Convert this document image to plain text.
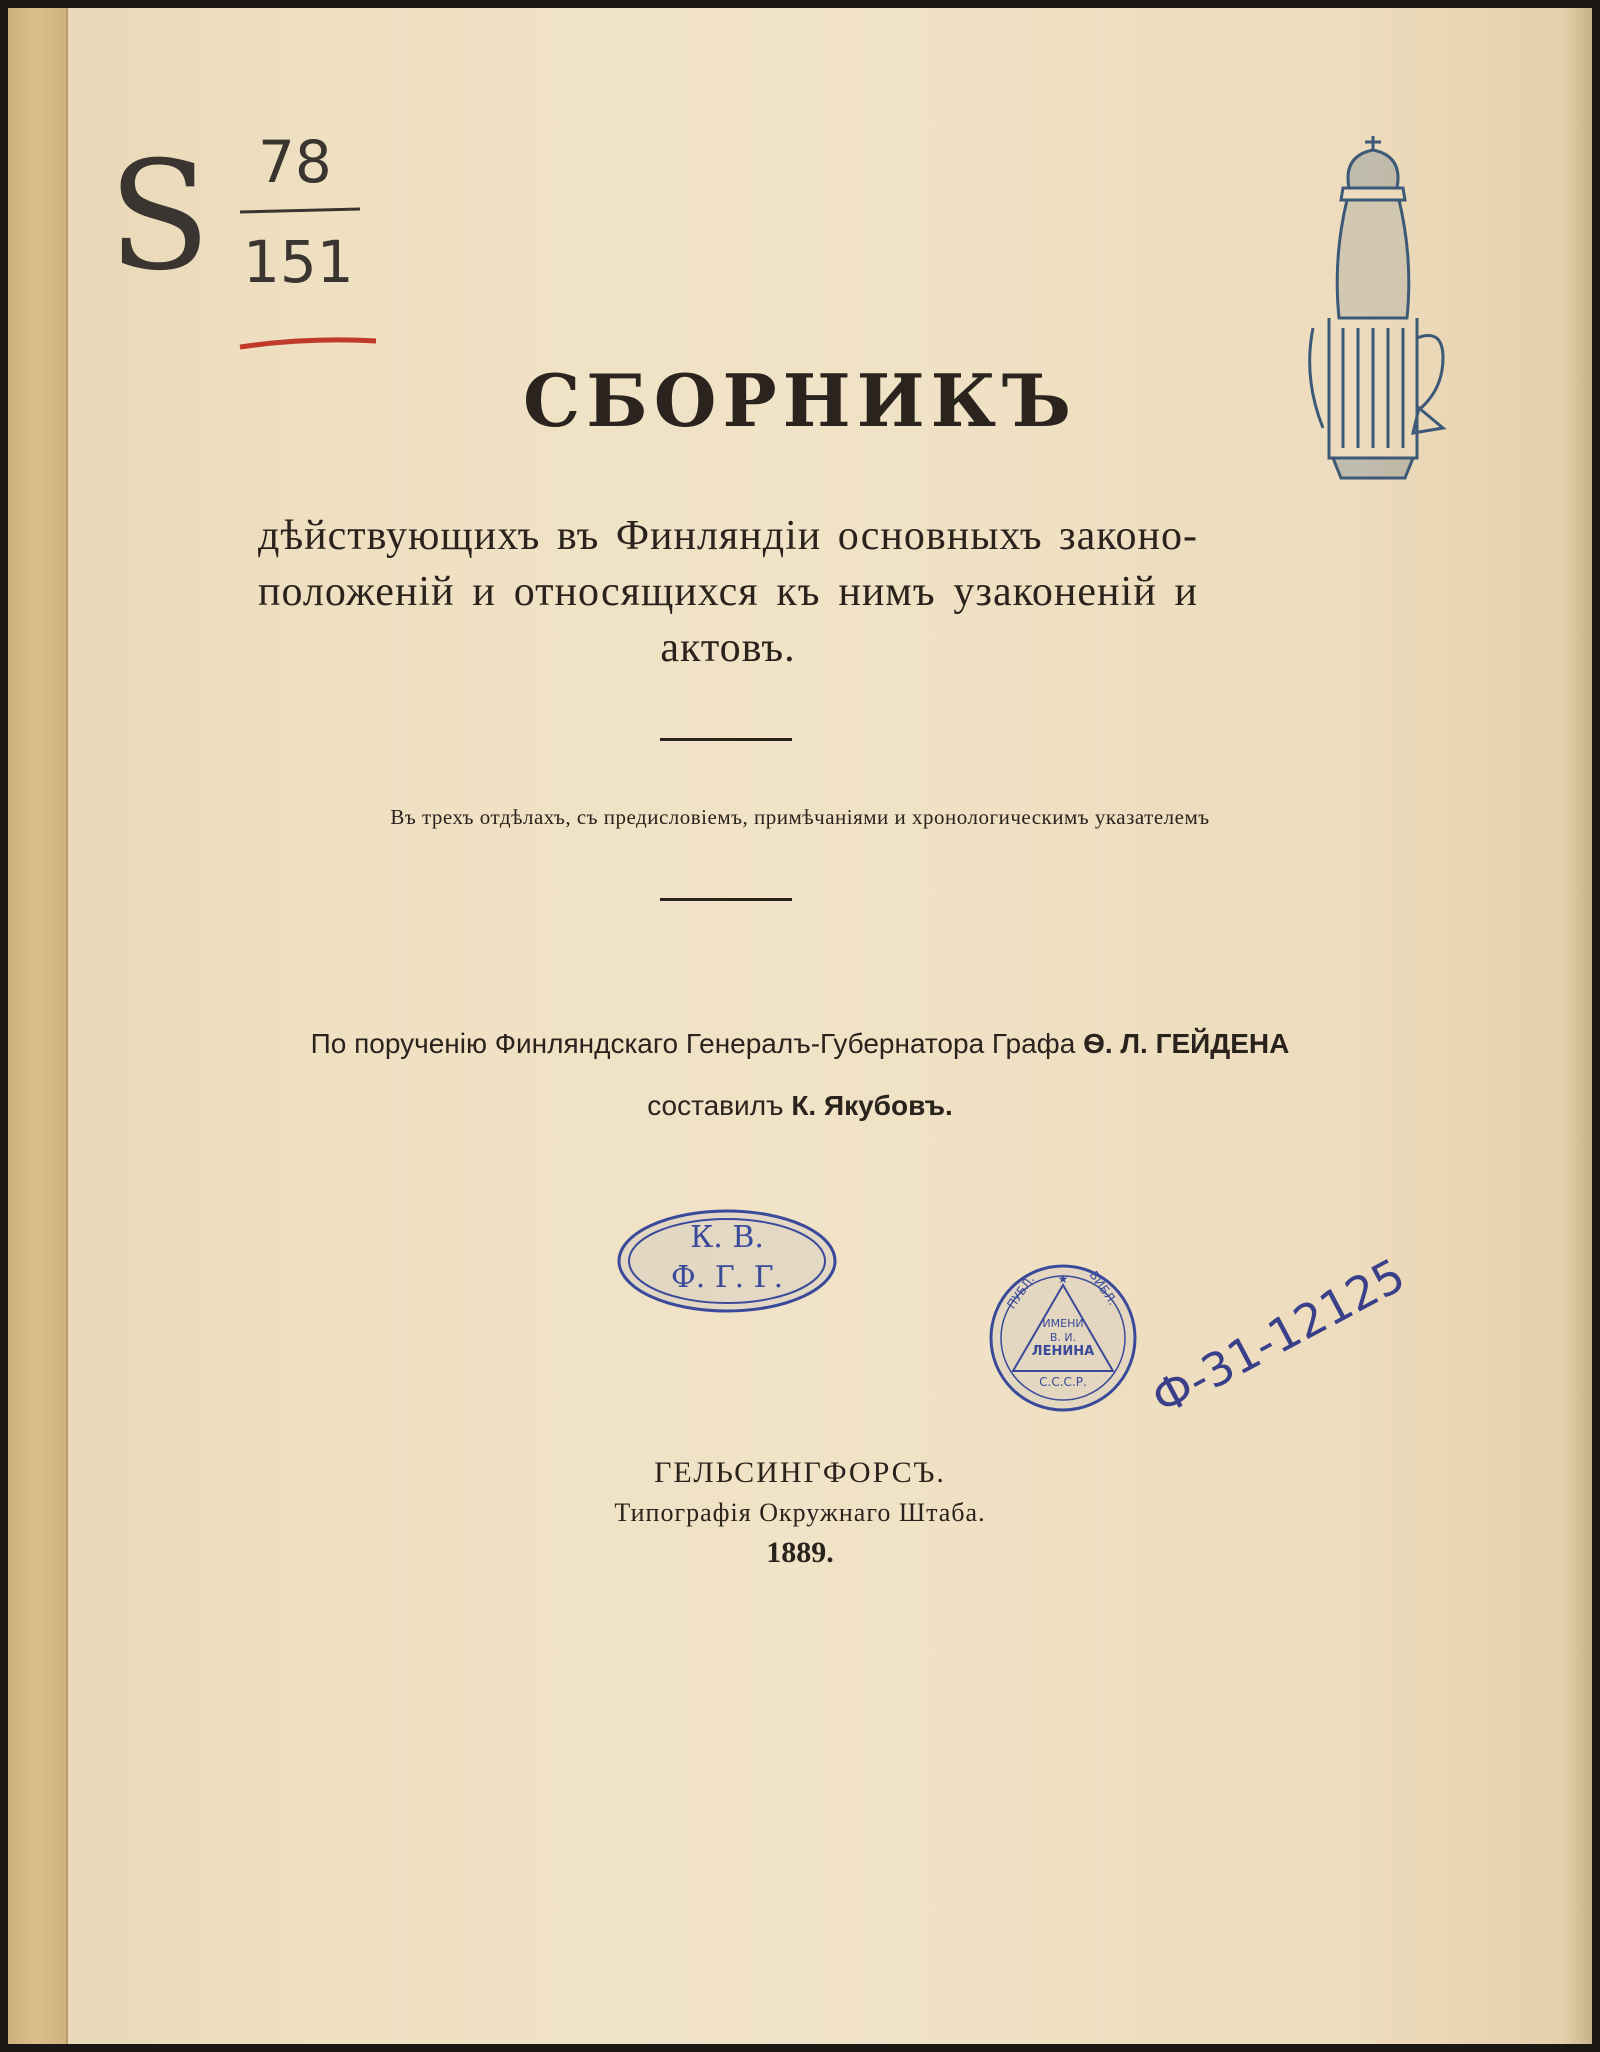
S 78
151
СБОРНИКЪ
дѣйствующихъ въ Финляндіи основныхъ законо-
положеній и относящихся къ нимъ узаконеній и
актовъ.
Въ трехъ отдѣлахъ, съ предисловіемъ, примѣчаніями и хронологическимъ указателемъ
По порученію Финляндскаго Генералъ-Губернатора Графа Ѳ. Л. ГЕЙДЕНА
составилъ К. Якубовъ.
К. В.
Ф. Г. Г.	★
ПУБЛ.	БИБЛ.
ИМЕНИ
В. И.
ЛЕНИНА
С.С.С.Р.	Ф-31-12125
ГЕЛЬСИНГФОРСЪ.
Типографія Окружнаго Штаба.
1889.
